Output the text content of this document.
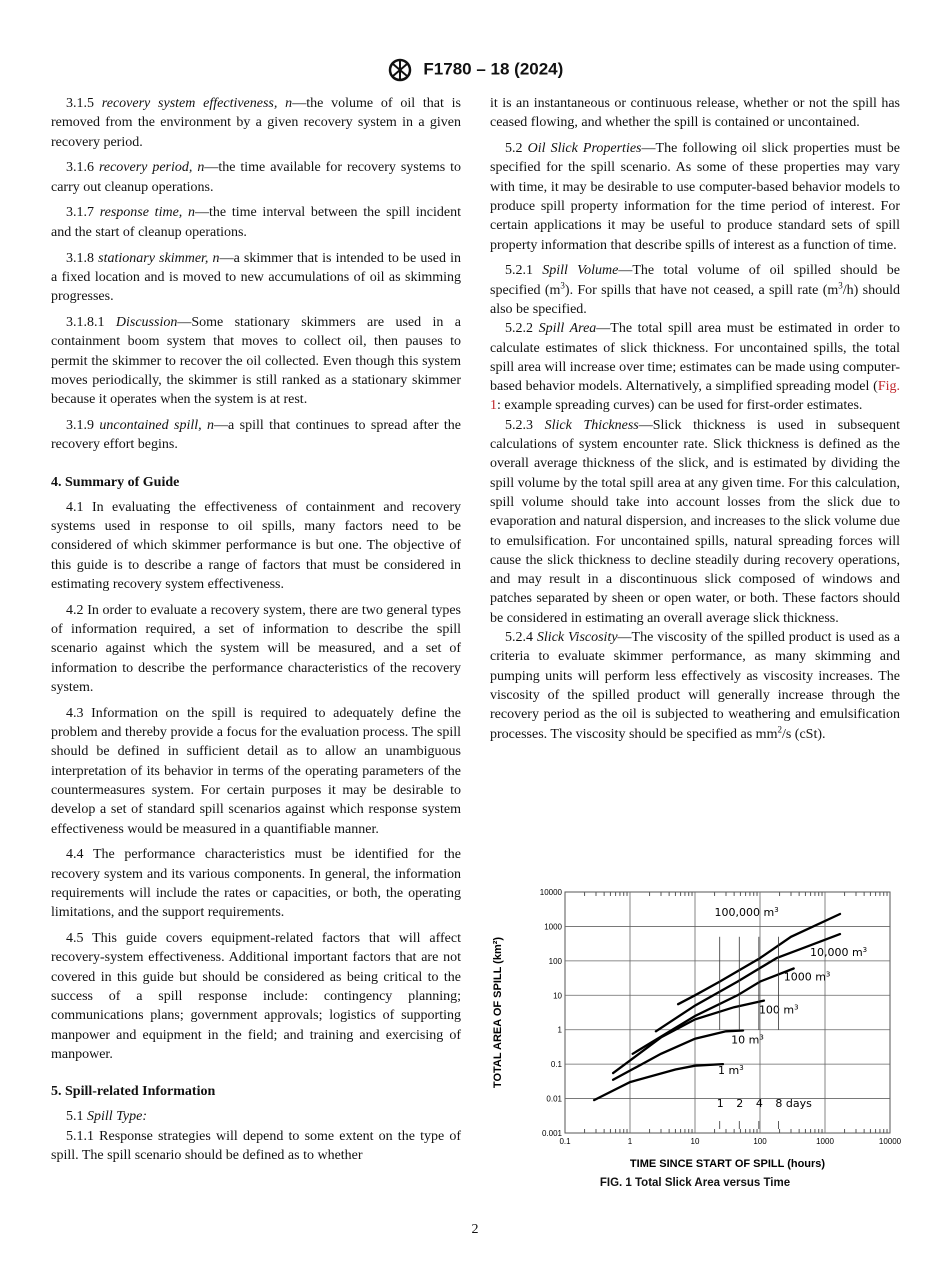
F1780 – 18 (2024)
3.1.5 recovery system effectiveness, n—the volume of oil that is removed from the environment by a given recovery system in a given recovery period.
3.1.6 recovery period, n—the time available for recovery systems to carry out cleanup operations.
3.1.7 response time, n—the time interval between the spill incident and the start of cleanup operations.
3.1.8 stationary skimmer, n—a skimmer that is intended to be used in a fixed location and is moved to new accumulations of oil as skimming progresses.
3.1.8.1 Discussion—Some stationary skimmers are used in a containment boom system that moves to collect oil, then pauses to permit the skimmer to recover the oil collected. Even though this system moves periodically, the skimmer is still ranked as a stationary skimmer because it operates when the system is at rest.
3.1.9 uncontained spill, n—a spill that continues to spread after the recovery effort begins.
4. Summary of Guide
4.1 In evaluating the effectiveness of containment and recovery systems used in response to oil spills, many factors need to be considered of which skimmer performance is but one. The objective of this guide is to describe a range of factors that must be considered in estimating recovery system effectiveness.
4.2 In order to evaluate a recovery system, there are two general types of information required, a set of information to describe the spill scenario against which the system will be measured, and a set of information to describe the performance characteristics of the recovery system.
4.3 Information on the spill is required to adequately define the problem and thereby provide a focus for the evaluation process. The spill should be defined in sufficient detail as to allow an unambiguous interpretation of its behavior in terms of the operating parameters of the countermeasures system. For certain purposes it may be desirable to develop a set of standard spill scenarios against which response system effectiveness would be measured in a quantifiable manner.
4.4 The performance characteristics must be identified for the recovery system and its various components. In general, the information requirements will include the rates or capacities, or both, the operating limitations, and the support requirements.
4.5 This guide covers equipment-related factors that will affect recovery-system effectiveness. Additional important factors that are not covered in this guide but should be considered as being critical to the success of a spill response include: contingency planning; communications plans; government approvals; logistics of supporting manpower and equipment in the field; and training and exercising of manpower.
5. Spill-related Information
5.1 Spill Type:
5.1.1 Response strategies will depend to some extent on the type of spill. The spill scenario should be defined as to whether
it is an instantaneous or continuous release, whether or not the spill has ceased flowing, and whether the spill is contained or uncontained.
5.2 Oil Slick Properties—The following oil slick properties must be specified for the spill scenario. As some of these properties may vary with time, it may be desirable to use computer-based behavior models to produce spill property information for the time period of interest. For certain applications it may be useful to produce standard sets of spill property information that describe spills of interest as a function of time.
5.2.1 Spill Volume—The total volume of oil spilled should be specified $(m^3)$. For spills that have not ceased, a spill rate $(m^3/h)$ should also be specified.
5.2.2 Spill Area—The total spill area must be estimated in order to calculate estimates of slick thickness. For uncontained spills, the total spill area will increase over time; estimates can be made using computer-based behavior models. Alternatively, a simplified spreading model (Fig. 1: example spreading curves) can be used for first-order estimates.
5.2.3 Slick Thickness—Slick thickness is used in subsequent calculations of system encounter rate. Slick thickness is defined as the overall average thickness of the slick, and is estimated by dividing the spill volume by the total spill area at any given time. For this calculation, spill volume should take into account losses from the slick due to evaporation and natural dispersion, and increases to the slick volume due to emulsification. For uncontained spills, natural spreading forces will cause the slick thickness to decline steadily during recovery operations, and may result in a discontinuous slick composed of windows and patches separated by sheen or open water, or both. These factors should be considered in estimating an overall average slick thickness.
5.2.4 Slick Viscosity—The viscosity of the spilled product is used as a criteria to evaluate skimmer performance, as many skimming and pumping units will perform less effectively as viscosity increases. The viscosity of the spilled product will generally increase through the recovery period as the oil is subjected to weathering and emulsification processes. The viscosity should be specified as $mm^2/s$ (cSt).
0.1	1	10	100	1000	10000
0.001
0.01
0.1
1
10
100
1000
10000
TIME SINCE START OF SPILL (hours)
TOTAL AREA OF SPILL (km²)
100,000 $m^3$
10,000 $m^3$
1000 $m^3$
100 $m^3$
10 $m^3$
1 $m^3$
1 2 4 8 days
FIG. 1 Total Slick Area versus Time
2
